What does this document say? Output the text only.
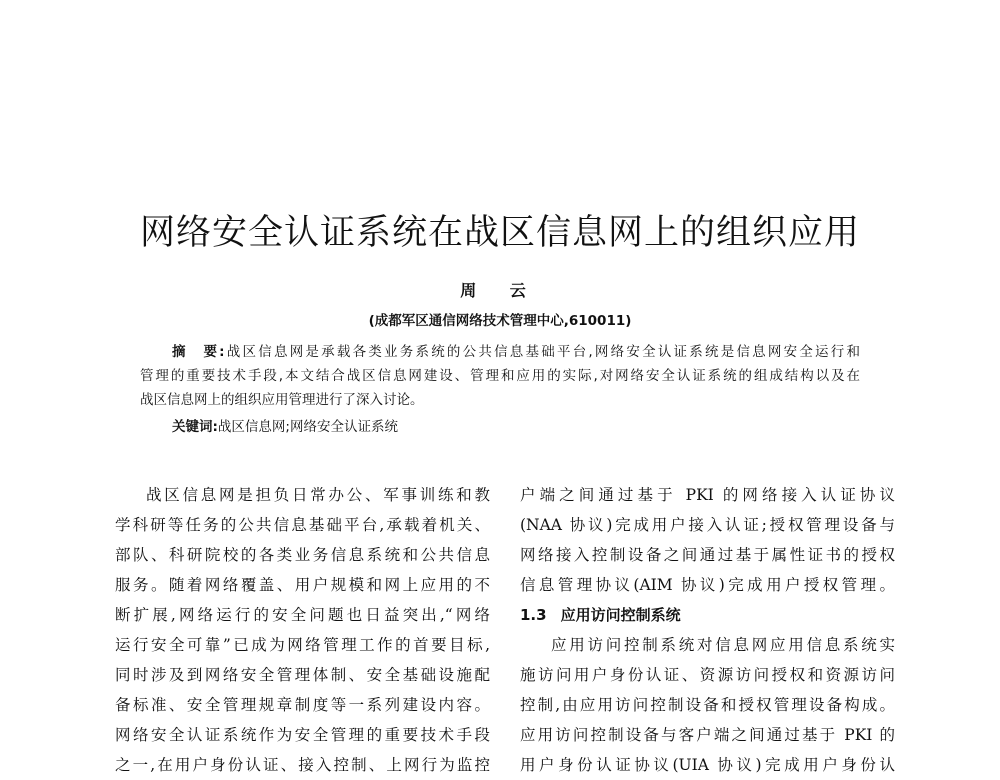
网络安全认证系统在战区信息网上的组织应用
周 云
(成都军区通信网络技术管理中心,610011)
摘　要:战区信息网是承载各类业务系统的公共信息基础平台,网络安全认证系统是信息网安全运行和
管理的重要技术手段,本文结合战区信息网建设、管理和应用的实际,对网络安全认证系统的组成结构以及在
战区信息网上的组织应用管理进行了深入讨论。
关键词:战区信息网;网络安全认证系统
战区信息网是担负日常办公、军事训练和教
学科研等任务的公共信息基础平台,承载着机关、
部队、科研院校的各类业务信息系统和公共信息
服务。随着网络覆盖、用户规模和网上应用的不
断扩展,网络运行的安全问题也日益突出,“网络
运行安全可靠”已成为网络管理工作的首要目标,
同时涉及到网络安全管理体制、安全基础设施配
备标准、安全管理规章制度等一系列建设内容。
网络安全认证系统作为安全管理的重要技术手段
之一,在用户身份认证、接入控制、上网行为监控
户端之间通过基于 PKI 的网络接入认证协议
(NAA 协议)完成用户接入认证;授权管理设备与
网络接入控制设备之间通过基于属性证书的授权
信息管理协议(AIM 协议)完成用户授权管理。
1.3 应用访问控制系统
应用访问控制系统对信息网应用信息系统实
施访问用户身份认证、资源访问授权和资源访问
控制,由应用访问控制设备和授权管理设备构成。
应用访问控制设备与客户端之间通过基于 PKI 的
用户身份认证协议(UIA 协议)完成用户身份认
